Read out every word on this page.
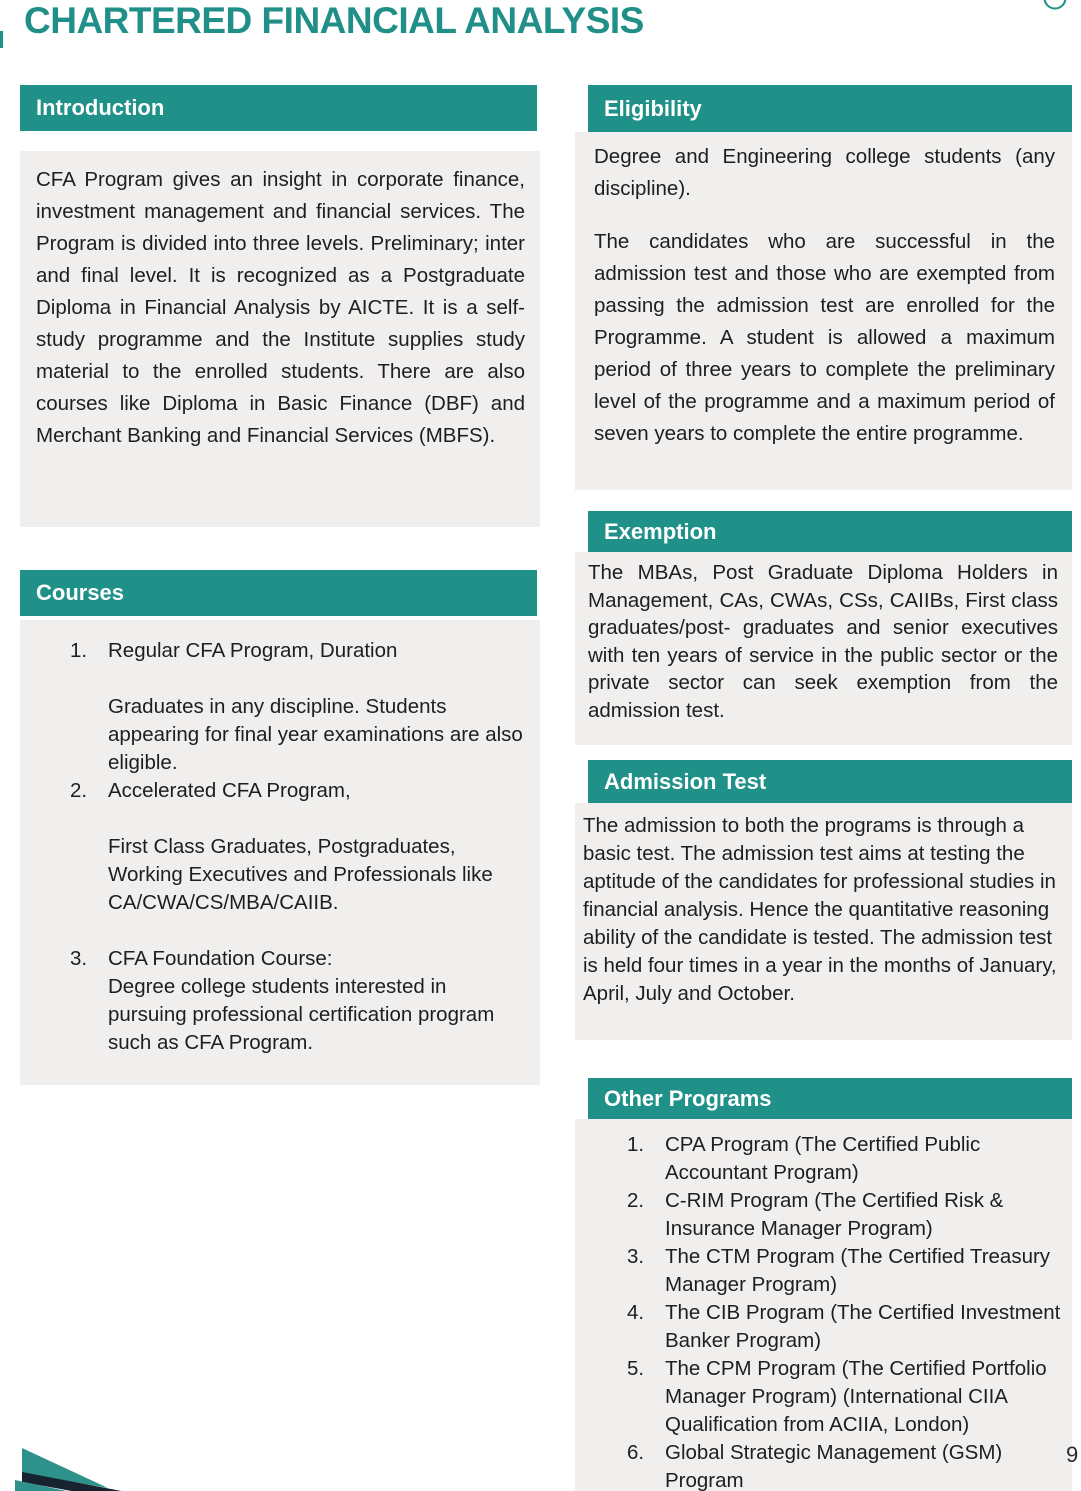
CHARTERED FINANCIAL ANALYSIS
Introduction

CFA Program gives an insight in corporate finance, investment management and financial services. The Program is divided into three levels. Preliminary; inter and final level. It is recognized as a Postgraduate Diploma in Financial Analysis by AICTE. It is a self-study programme and the Institute supplies study material to the enrolled students. There are also courses like Diploma in Basic Finance (DBF) and Merchant Banking and Financial Services (MBFS).

Courses
Regular CFA Program, Duration
Graduates in any discipline. Students appearing for final year examinations are also eligible.
Accelerated CFA Program,
First Class Graduates, Postgraduates, Working Executives and Professionals like CA/CWA/CS/MBA/CAIIB.
CFA Foundation Course:
Degree college students interested in pursuing professional certification program such as CFA Program.
Eligibility

Degree and Engineering college students (any discipline).

The candidates who are successful in the admission test and those who are exempted from passing the admission test are enrolled for the Programme. A student is allowed a maximum period of three years to complete the preliminary level of the programme and a maximum period of seven years to complete the entire programme.

Exemption

The MBAs, Post Graduate Diploma Holders in Management, CAs, CWAs, CSs, CAIIBs, First class graduates/post- graduates and senior executives with ten years of service in the public sector or the private sector can seek exemption from the admission test.

Admission Test

The admission to both the programs is through a basic test. The admission test aims at testing the aptitude of the candidates for professional studies in financial analysis. Hence the quantitative reasoning ability of the candidate is tested. The admission test is held four times in a year in the months of January, April, July and October.

Other Programs
CPA Program (The Certified Public Accountant Program)
C-RIM Program (The Certified Risk & Insurance Manager Program)
The CTM Program (The Certified Treasury Manager Program)
The CIB Program (The Certified Investment Banker Program)
The CPM Program (The Certified Portfolio Manager Program) (International CIIA Qualification from ACIIA, London)
Global Strategic Management (GSM) Program
9
